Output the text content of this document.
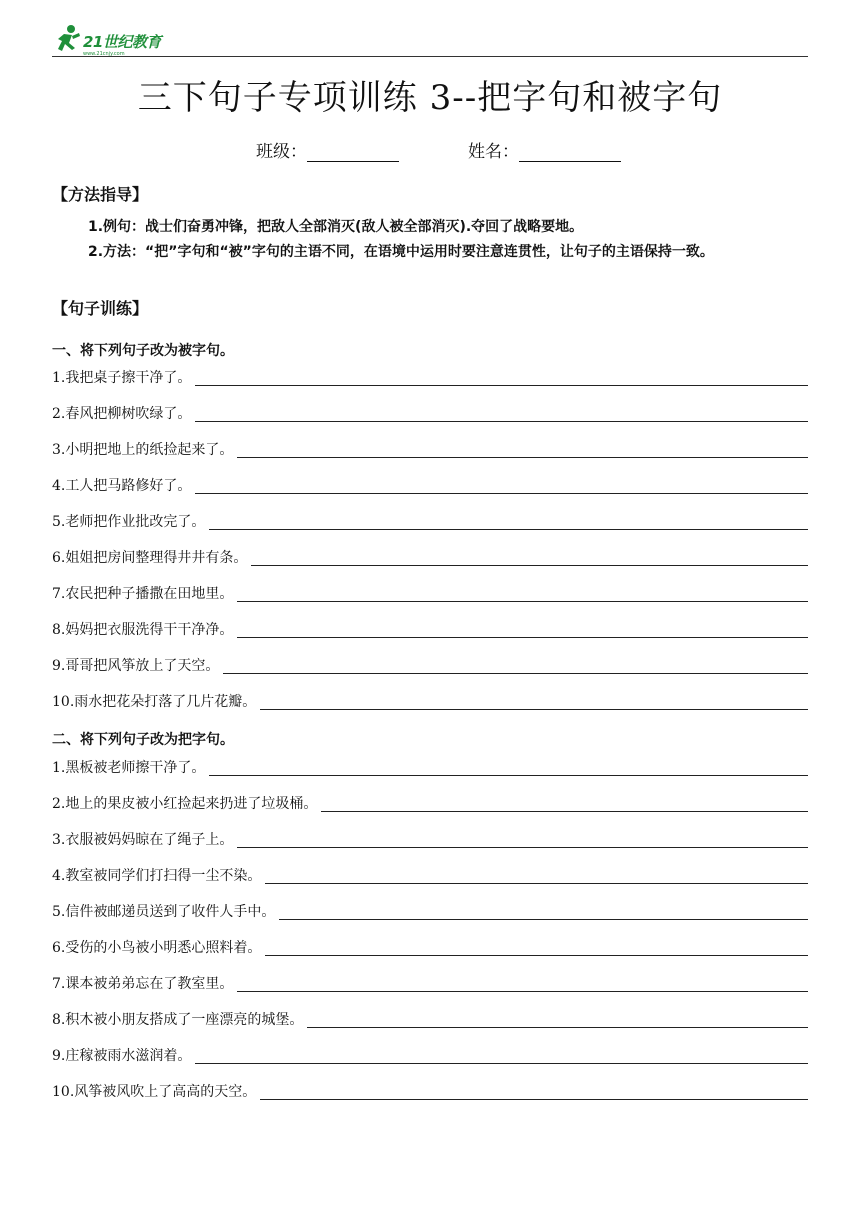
21世纪教育
www.21cnjy.com
三下句子专项训练 3--把字句和被字句
班级：	姓名：
【方法指导】
1.例句：战士们奋勇冲锋，把敌人全部消灭(敌人被全部消灭).夺回了战略要地。
2.方法：“把”字句和“被”字句的主语不同，在语境中运用时要注意连贯性，让句子的主语保持一致。
【句子训练】
一、将下列句子改为被字句。
1.我把桌子擦干净了。
2.春风把柳树吹绿了。
3.小明把地上的纸捡起来了。
4.工人把马路修好了。
5.老师把作业批改完了。
6.姐姐把房间整理得井井有条。
7.农民把种子播撒在田地里。
8.妈妈把衣服洗得干干净净。
9.哥哥把风筝放上了天空。
10.雨水把花朵打落了几片花瓣。
二、将下列句子改为把字句。
1.黑板被老师擦干净了。
2.地上的果皮被小红捡起来扔进了垃圾桶。
3.衣服被妈妈晾在了绳子上。
4.教室被同学们打扫得一尘不染。
5.信件被邮递员送到了收件人手中。
6.受伤的小鸟被小明悉心照料着。
7.课本被弟弟忘在了教室里。
8.积木被小朋友搭成了一座漂亮的城堡。
9.庄稼被雨水滋润着。
10.风筝被风吹上了高高的天空。
